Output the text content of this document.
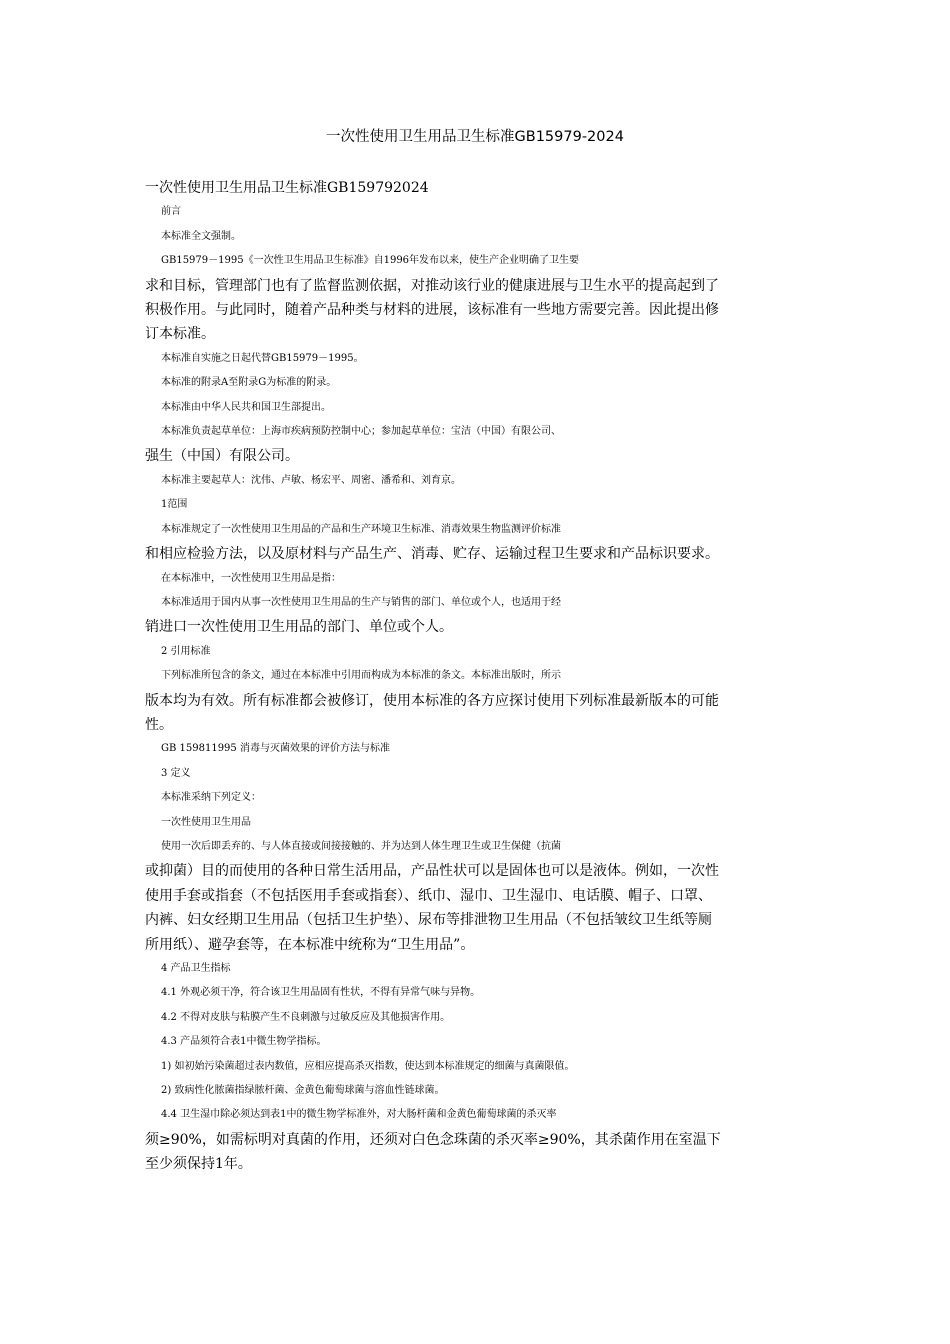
一次性使用卫生用品卫生标准GB15979-2024

一次性使用卫生用品卫生标准GB159792024

前言

本标准全文强制。

GB15979－1995《一次性卫生用品卫生标准》自1996年发布以来，使生产企业明确了卫生要

求和目标，管理部门也有了监督监测依据，对推动该行业的健康进展与卫生水平的提高起到了

积极作用。与此同时，随着产品种类与材料的进展，该标准有一些地方需要完善。因此提出修

订本标准。

本标准自实施之日起代替GB15979－1995。

本标准的附录A至附录G为标准的附录。

本标准由中华人民共和国卫生部提出。

本标准负责起草单位：上海市疾病预防控制中心；参加起草单位：宝洁（中国）有限公司、

强生（中国）有限公司。

本标准主要起草人：沈伟、卢敏、杨宏平、周密、潘希和、刘育京。

1范围

本标准规定了一次性使用卫生用品的产品和生产环境卫生标准、消毒效果生物监测评价标准

和相应检验方法，以及原材料与产品生产、消毒、贮存、运输过程卫生要求和产品标识要求。

在本标准中，一次性使用卫生用品是指：

本标准适用于国内从事一次性使用卫生用品的生产与销售的部门、单位或个人，也适用于经

销进口一次性使用卫生用品的部门、单位或个人。

2 引用标准

下列标准所包含的条文，通过在本标准中引用而构成为本标准的条文。本标准出版时，所示

版本均为有效。所有标准都会被修订，使用本标准的各方应探讨使用下列标准最新版本的可能

性。

GB 159811995 消毒与灭菌效果的评价方法与标准

3 定义

本标准采纳下列定义：

一次性使用卫生用品

使用一次后即丢弃的、与人体直接或间接接触的、并为达到人体生理卫生或卫生保健（抗菌

或抑菌）目的而使用的各种日常生活用品，产品性状可以是固体也可以是液体。例如，一次性

使用手套或指套（不包括医用手套或指套）、纸巾、湿巾、卫生湿巾、电话膜、帽子、口罩、

内裤、妇女经期卫生用品（包括卫生护垫）、尿布等排泄物卫生用品（不包括皱纹卫生纸等厕

所用纸）、避孕套等，在本标准中统称为“卫生用品”。

4 产品卫生指标

4.1 外观必须干净，符合该卫生用品固有性状，不得有异常气味与异物。

4.2 不得对皮肤与粘膜产生不良刺激与过敏反应及其他损害作用。

4.3 产品须符合表1中微生物学指标。

1) 如初始污染菌超过表内数值，应相应提高杀灭指数，使达到本标准规定的细菌与真菌限值。

2) 致病性化脓菌指绿脓杆菌、金黄色葡萄球菌与溶血性链球菌。

4.4 卫生湿巾除必须达到表1中的微生物学标准外，对大肠杆菌和金黄色葡萄球菌的杀灭率

须≥90%，如需标明对真菌的作用，还须对白色念珠菌的杀灭率≥90%，其杀菌作用在室温下

至少须保持1年。
